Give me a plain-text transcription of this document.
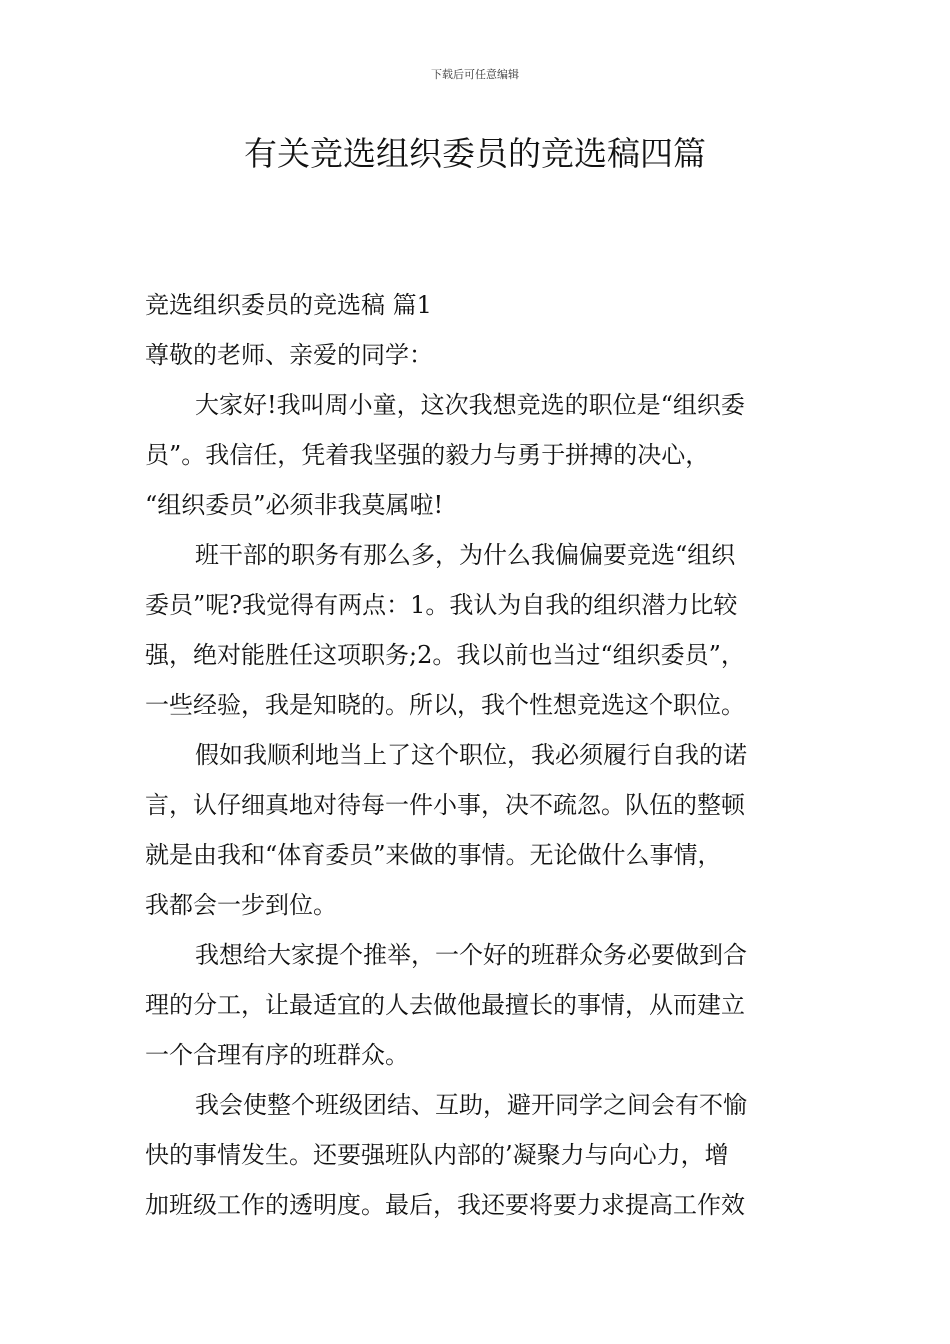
下载后可任意编辑
有关竞选组织委员的竞选稿四篇

竞选组织委员的竞选稿 篇1

尊敬的老师、亲爱的同学：

大家好!我叫周小童，这次我想竞选的职位是“组织委

员”。我信任，凭着我坚强的毅力与勇于拼搏的决心，

“组织委员”必须非我莫属啦!

班干部的职务有那么多，为什么我偏偏要竞选“组织

委员”呢?我觉得有两点：1。我认为自我的组织潜力比较

强，绝对能胜任这项职务;2。我以前也当过“组织委员”，

一些经验，我是知晓的。所以，我个性想竞选这个职位。

假如我顺利地当上了这个职位，我必须履行自我的诺

言，认仔细真地对待每一件小事，决不疏忽。队伍的整顿

就是由我和“体育委员”来做的事情。无论做什么事情，

我都会一步到位。

我想给大家提个推举，一个好的班群众务必要做到合

理的分工，让最适宜的人去做他最擅长的事情，从而建立

一个合理有序的班群众。

我会使整个班级团结、互助，避开同学之间会有不愉

快的事情发生。还要强班队内部的’凝聚力与向心力，增

加班级工作的透明度。最后，我还要将要力求提高工作效
